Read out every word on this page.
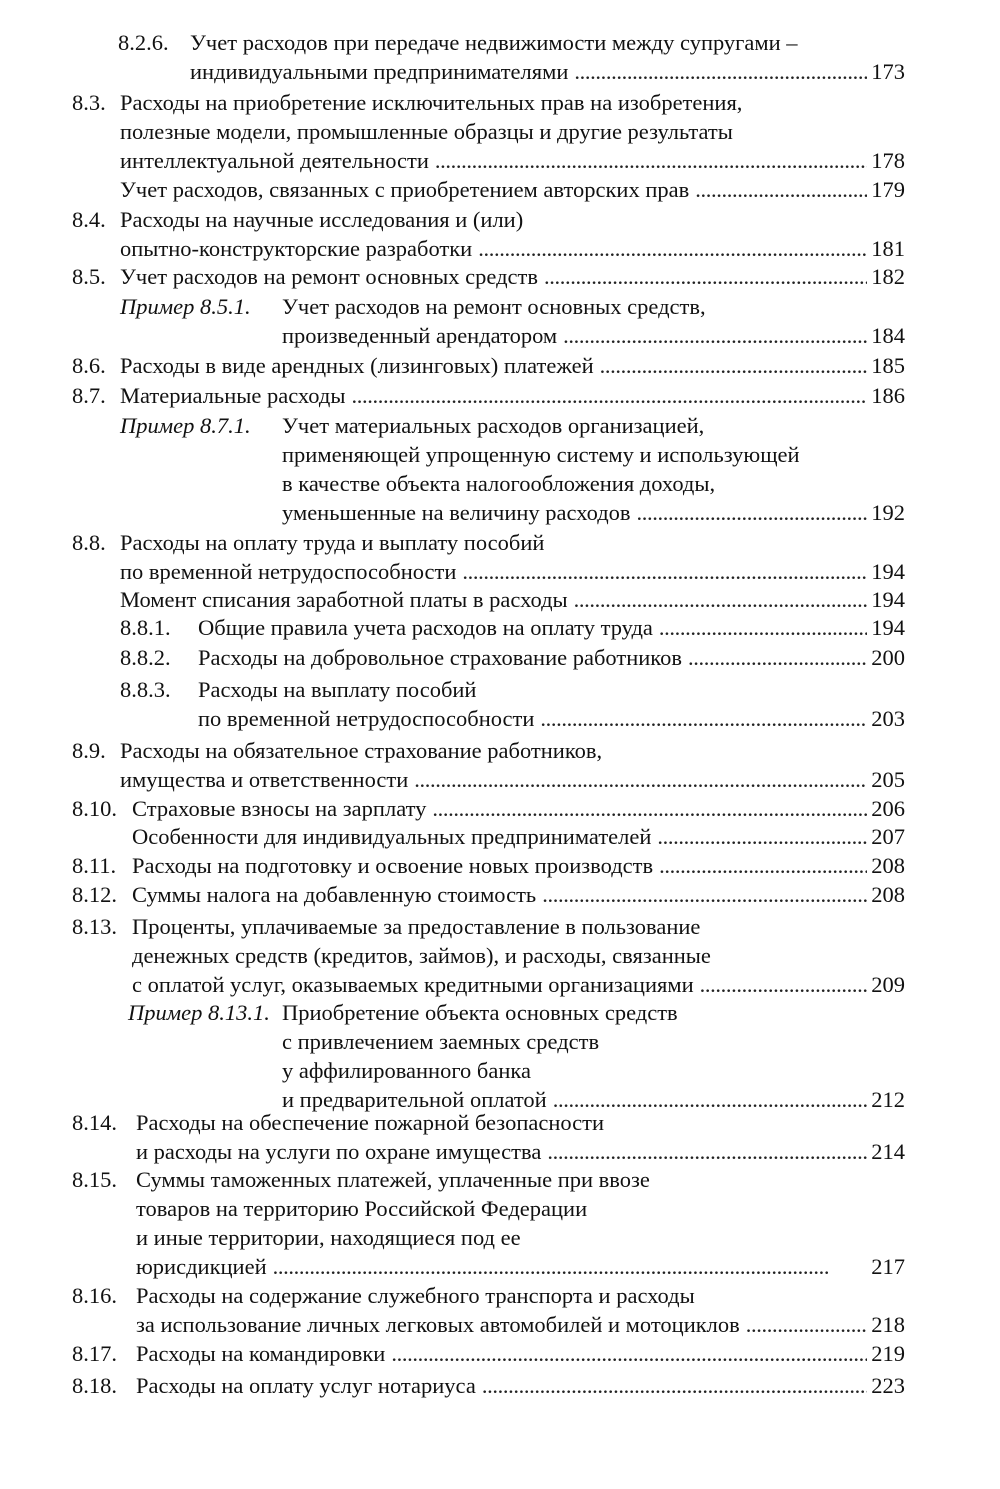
8.2.6. Учет расходов при передаче недвижимости между супругами –
индивидуальными предпринимателями . . .	173
8.3. Расходы на приобретение исключительных прав на изобретения,
полезные модели, промышленные образцы и другие результаты
интеллектуальной деятельности . . .	178
Учет расходов, связанных с приобретением авторских прав . . .	179
8.4. Расходы на научные исследования и (или)
опытно-конструкторские разработки . . .	181
8.5. Учет расходов на ремонт основных средств . . .	182
Пример 8.5.1. Учет расходов на ремонт основных средств,
произведенный арендатором . . .	184
8.6. Расходы в виде арендных (лизинговых) платежей . . .	185
8.7. Материальные расходы . . .	186
Пример 8.7.1. Учет материальных расходов организацией,
применяющей упрощенную систему и использующей
в качестве объекта налогообложения доходы,
уменьшенные на величину расходов . . .	192
8.8. Расходы на оплату труда и выплату пособий
по временной нетрудоспособности . . .	194
Момент списания заработной платы в расходы . . .	194
8.8.1. Общие правила учета расходов на оплату труда . . .	194
8.8.2. Расходы на добровольное страхование работников . . .	200
8.8.3. Расходы на выплату пособий
по временной нетрудоспособности . . .	203
8.9. Расходы на обязательное страхование работников,
имущества и ответственности . . .	205
8.10. Страховые взносы на зарплату . . .	206
Особенности для индивидуальных предпринимателей . . .	207
8.11. Расходы на подготовку и освоение новых производств . . .	208
8.12. Суммы налога на добавленную стоимость . . .	208
8.13. Проценты, уплачиваемые за предоставление в пользование
денежных средств (кредитов, займов), и расходы, связанные
с оплатой услуг, оказываемых кредитными организациями . . .	209
Пример 8.13.1. Приобретение объекта основных средств
с привлечением заемных средств
у аффилированного банка
и предварительной оплатой . . .	212
8.14. Расходы на обеспечение пожарной безопасности
и расходы на услуги по охране имущества . . .	214
8.15. Суммы таможенных платежей, уплаченные при ввозе
товаров на территорию Российской Федерации
и иные территории, находящиеся под ее
юрисдикцией . . .	217
8.16. Расходы на содержание служебного транспорта и расходы
за использование личных легковых автомобилей и мотоциклов . . .	218
8.17. Расходы на командировки . . .	219
8.18. Расходы на оплату услуг нотариуса . . .	223
